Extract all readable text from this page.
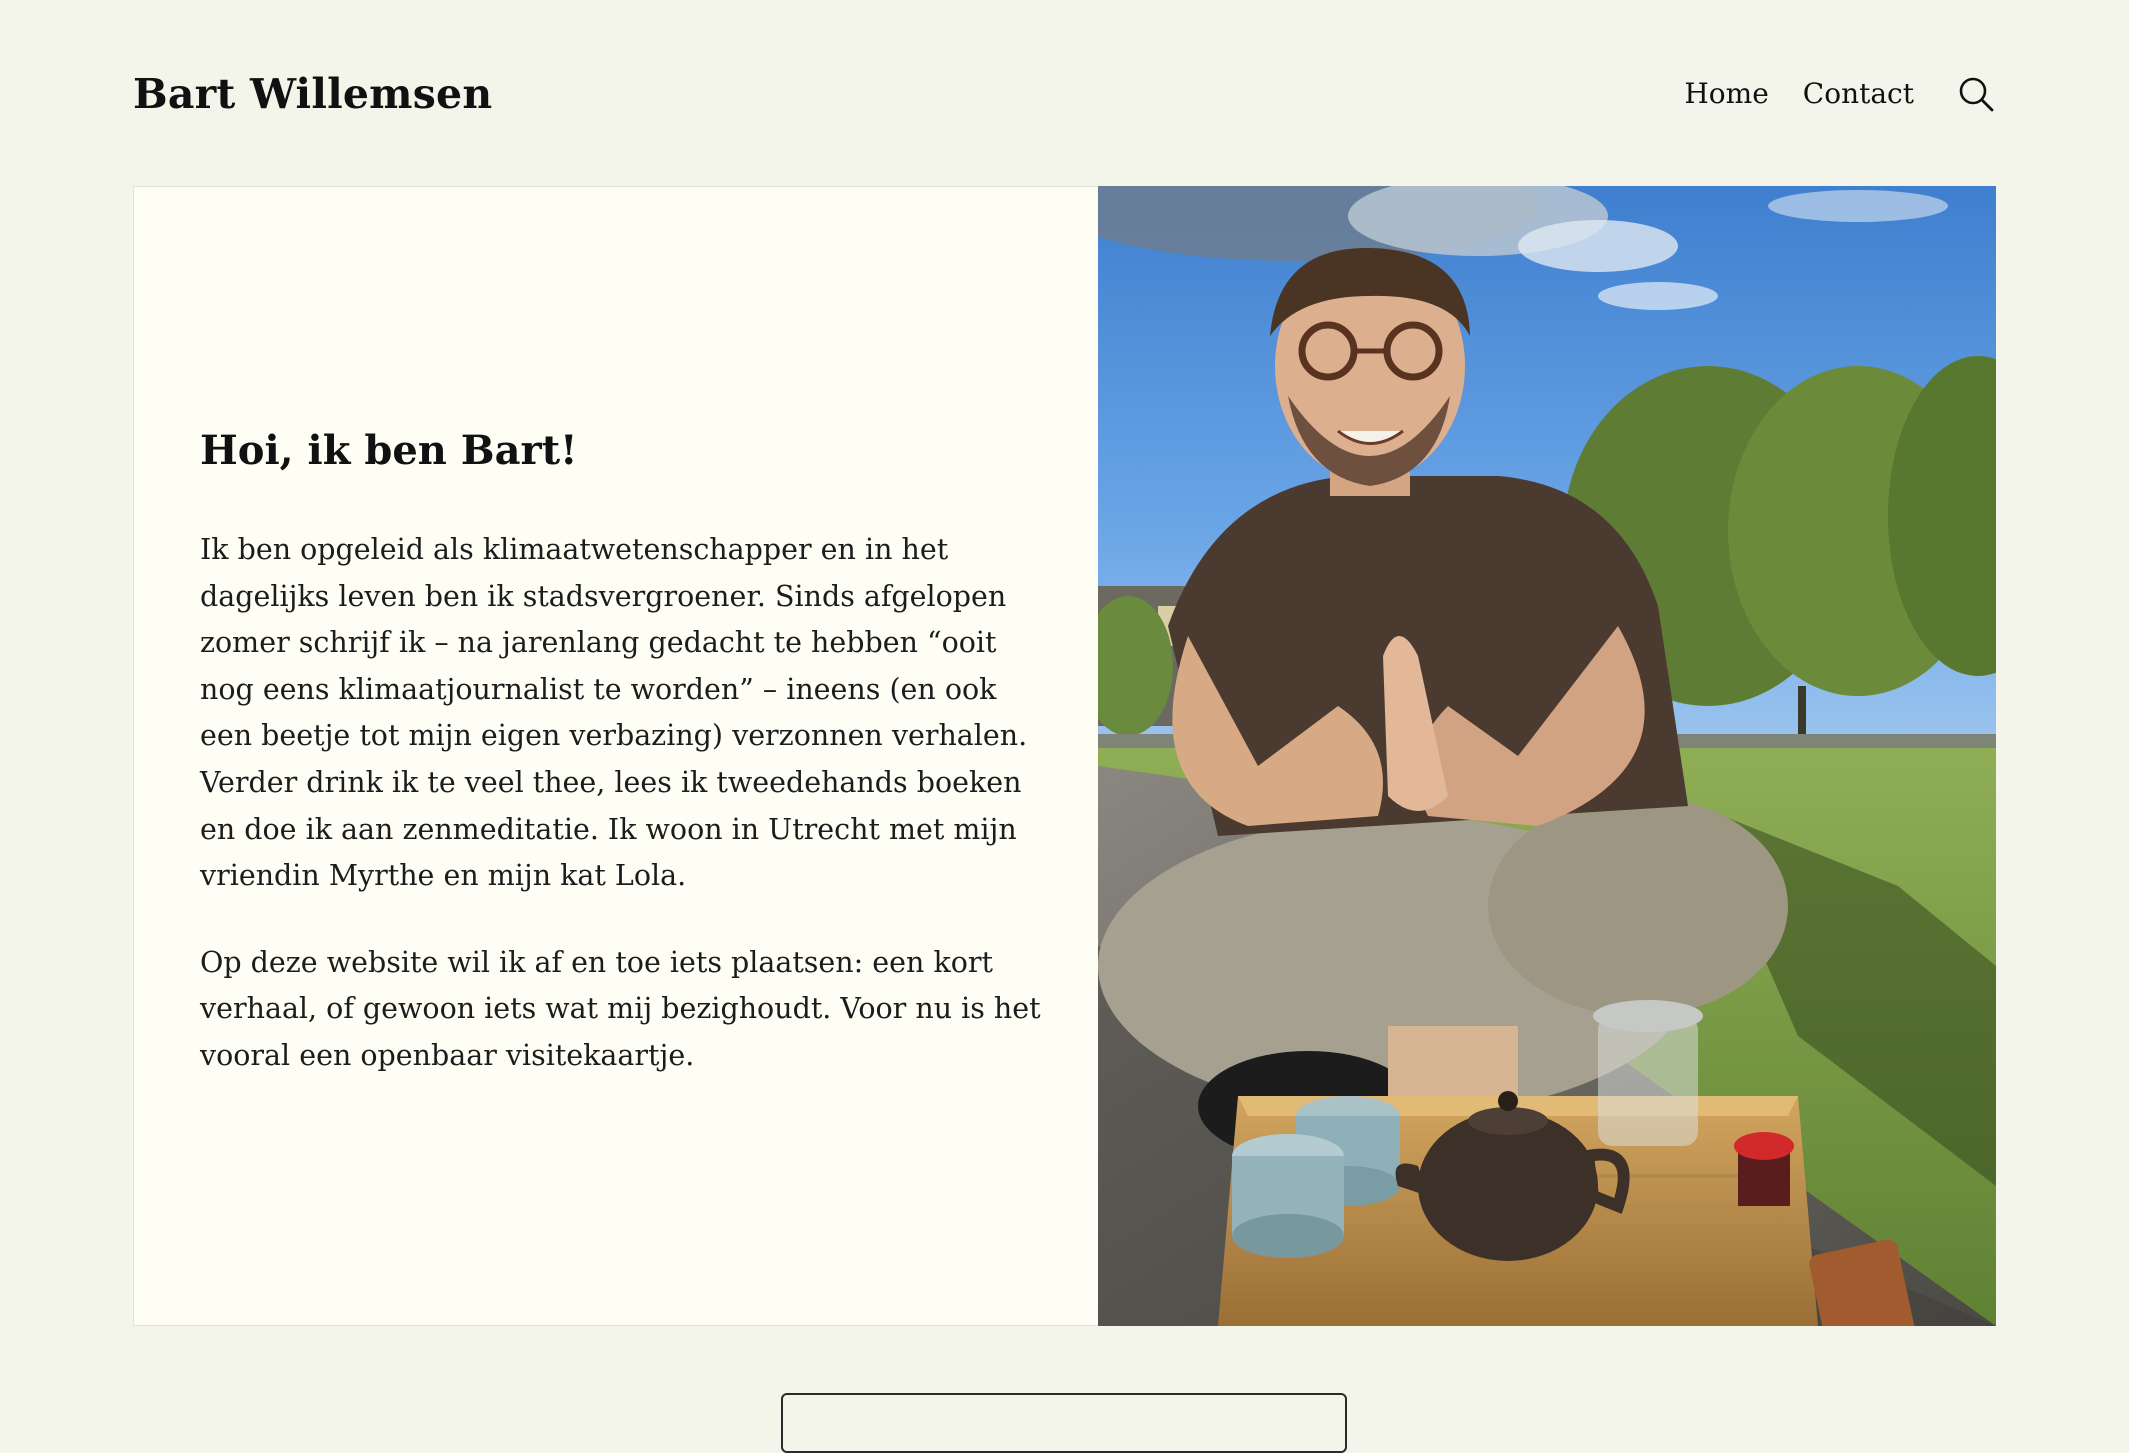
Bart Willemsen	Home Contact
Hoi, ik ben Bart!

Ik ben opgeleid als klimaatwetenschapper en in het dagelijks leven ben ik stadsvergroener. Sinds afgelopen zomer schrijf ik – na jarenlang gedacht te hebben “ooit nog eens klimaatjournalist te worden” – ineens (en ook een beetje tot mijn eigen verbazing) verzonnen verhalen. Verder drink ik te veel thee, lees ik tweedehands boeken en doe ik aan zenmeditatie. Ik woon in Utrecht met mijn vriendin Myrthe en mijn kat Lola.

Op deze website wil ik af en toe iets plaatsen: een kort verhaal, of gewoon iets wat mij bezighoudt. Voor nu is het vooral een openbaar visitekaartje.
